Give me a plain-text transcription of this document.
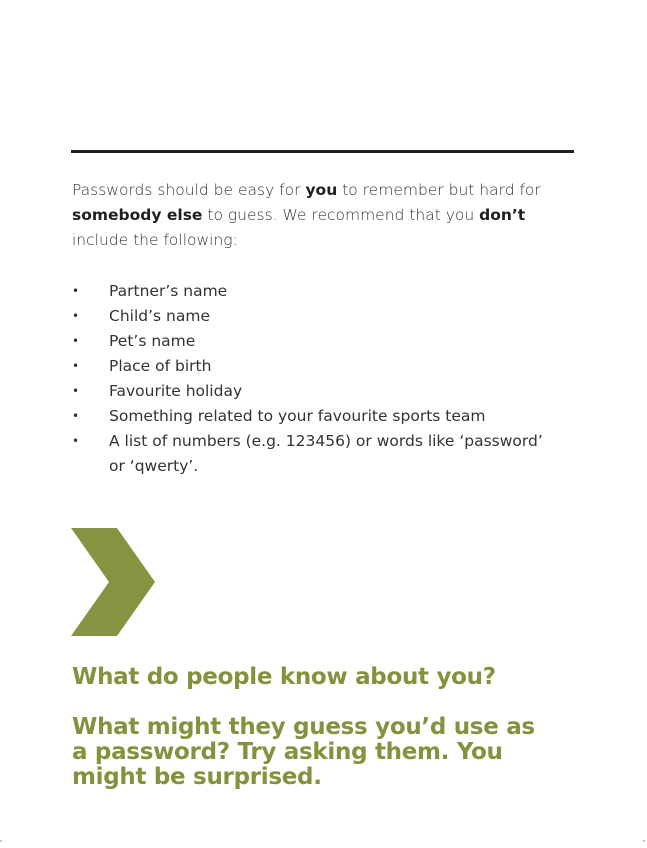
Passwords should be easy for you to remember but hard for somebody else to guess. We recommend that you don’t include the following:

• Partner’s name
• Child’s name
• Pet’s name
• Place of birth
• Favourite holiday
• Something related to your favourite sports team
• A list of numbers (e.g. 123456) or words like ‘password’ or ‘qwerty’.

What do people know about you?

What might they guess you’d use as a password? Try asking them. You might be surprised.
